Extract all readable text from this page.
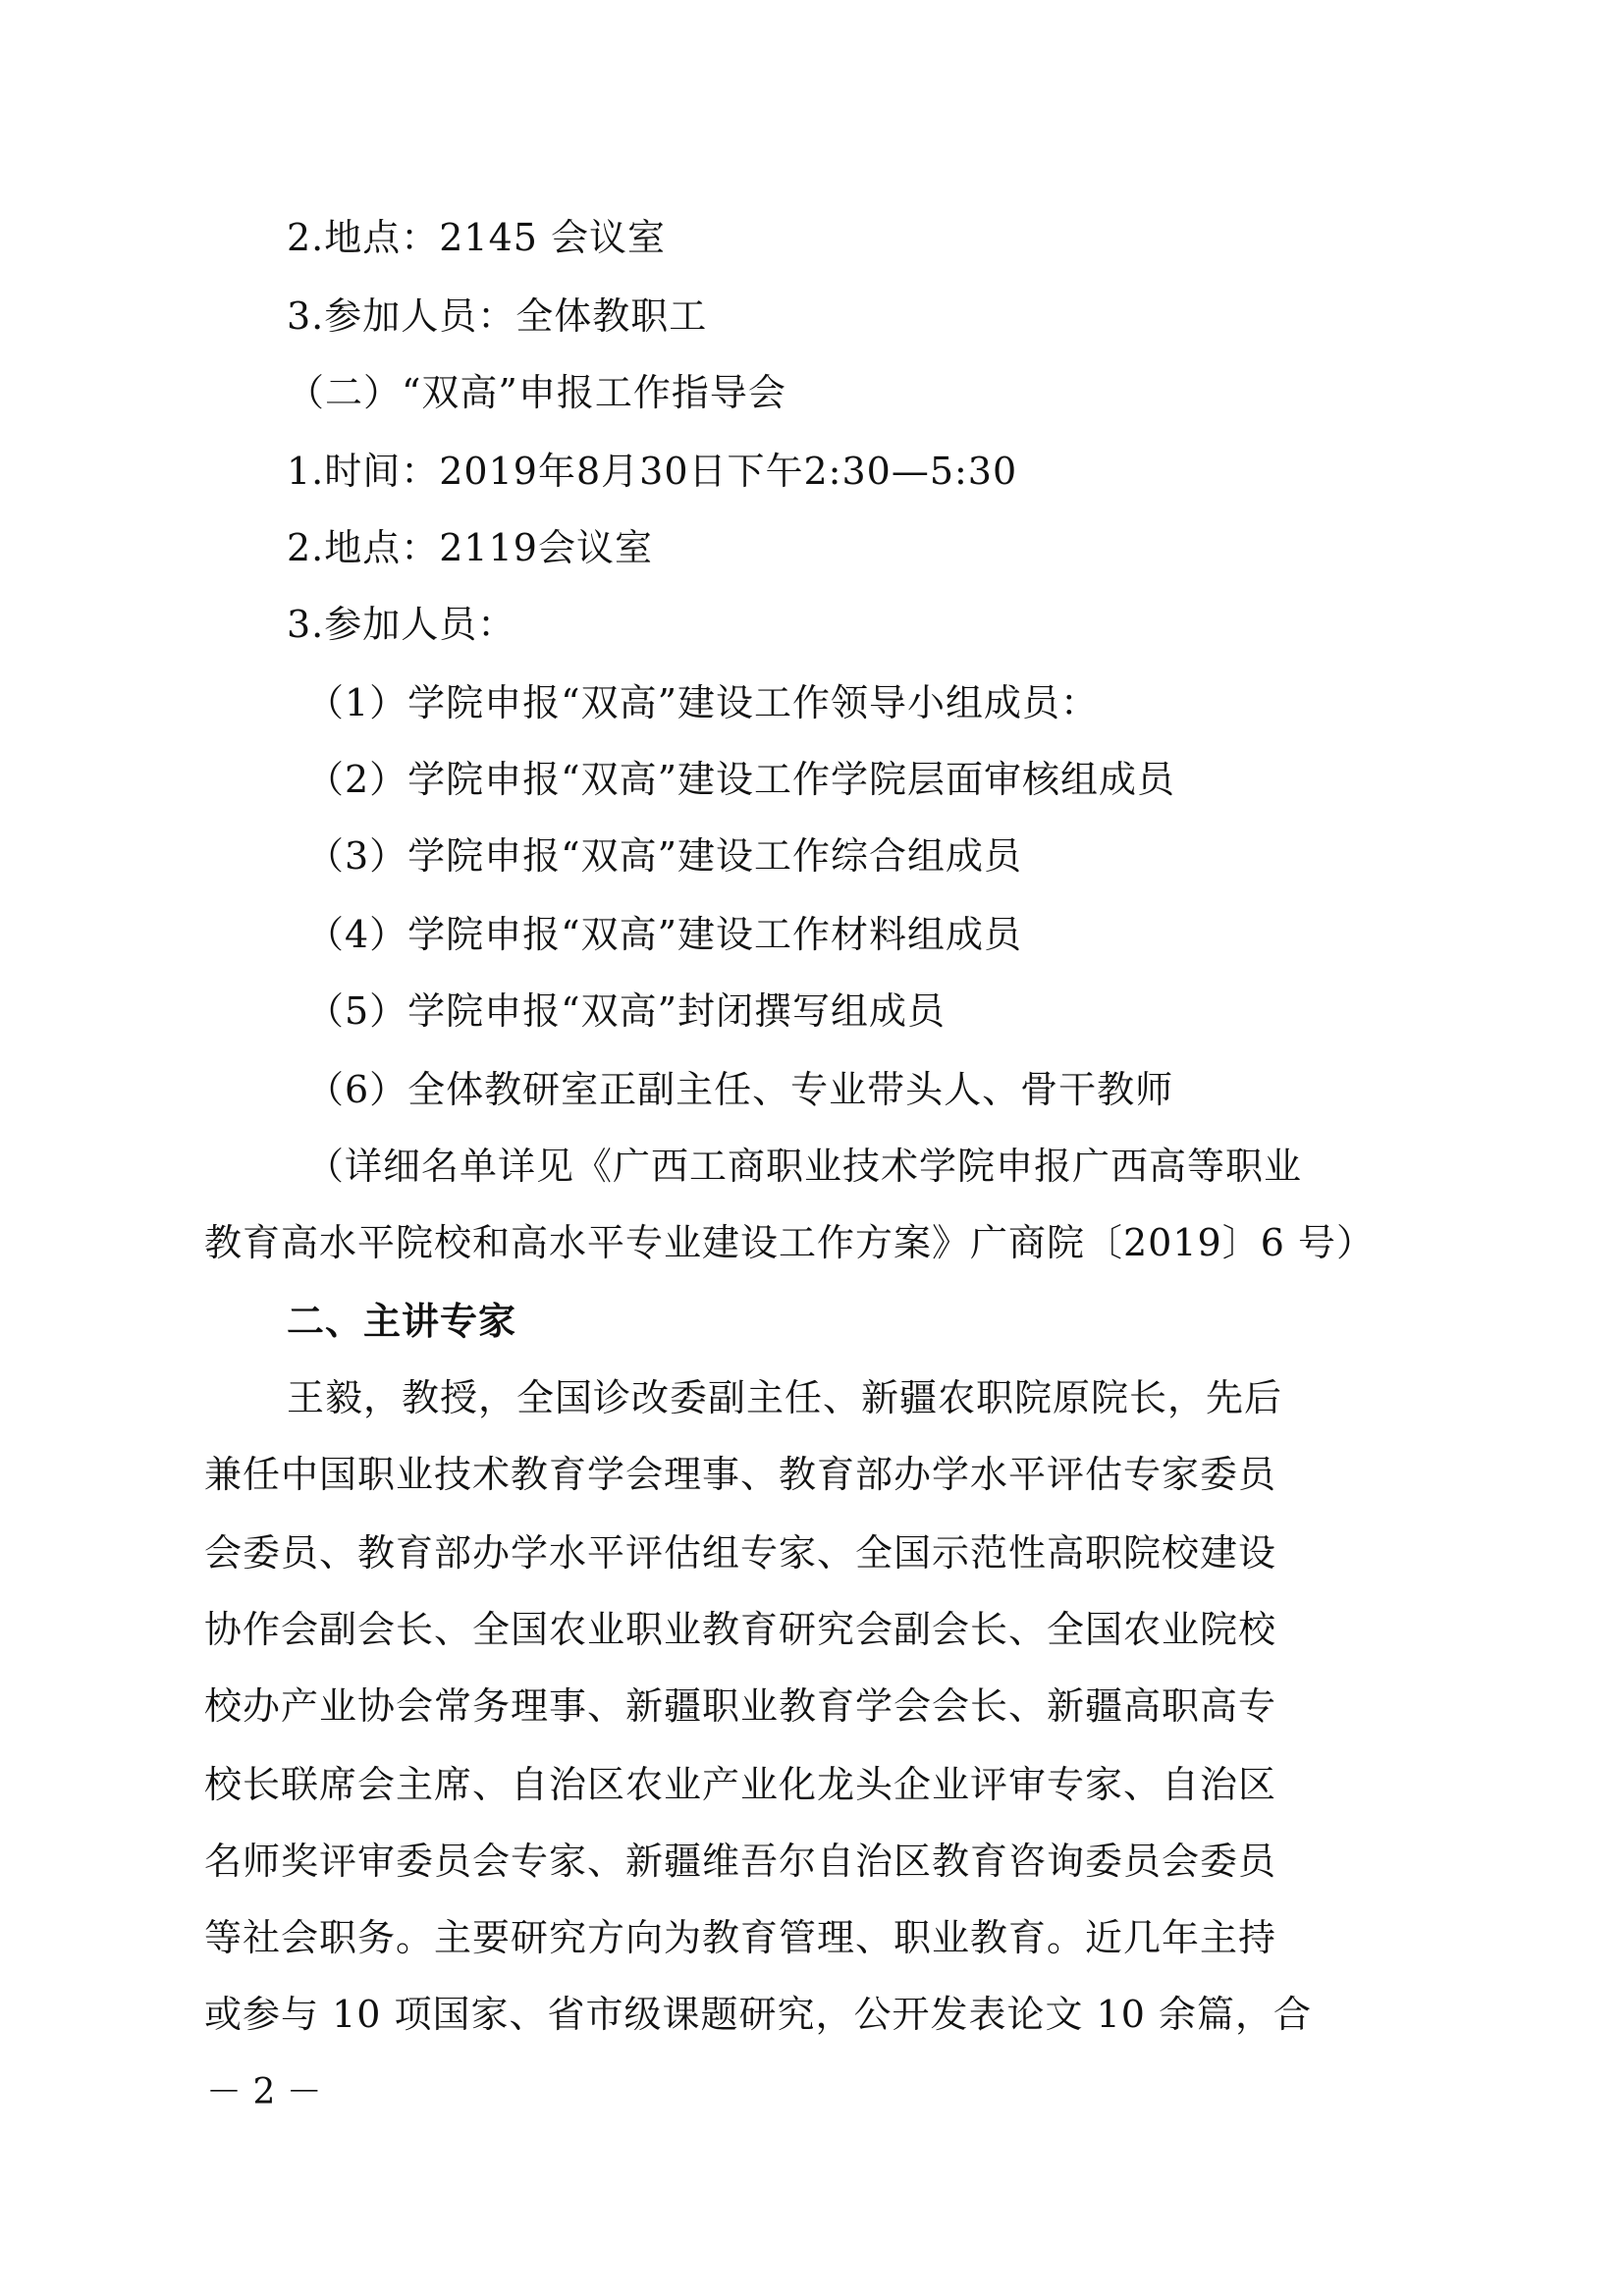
2.地点：2145 会议室
3.参加人员：全体教职工
（二）“双高”申报工作指导会
1.时间：2019年8月30日下午2:30—5:30
2.地点：2119会议室
3.参加人员：
（1）学院申报“双高”建设工作领导小组成员：
（2）学院申报“双高”建设工作学院层面审核组成员
（3）学院申报“双高”建设工作综合组成员
（4）学院申报“双高”建设工作材料组成员
（5）学院申报“双高”封闭撰写组成员
（6）全体教研室正副主任、专业带头人、骨干教师
（详细名单详见《广西工商职业技术学院申报广西高等职业
教育高水平院校和高水平专业建设工作方案》广商院〔2019〕6 号）
二、主讲专家
王毅，教授，全国诊改委副主任、新疆农职院原院长，先后
兼任中国职业技术教育学会理事、教育部办学水平评估专家委员
会委员、教育部办学水平评估组专家、全国示范性高职院校建设
协作会副会长、全国农业职业教育研究会副会长、全国农业院校
校办产业协会常务理事、新疆职业教育学会会长、新疆高职高专
校长联席会主席、自治区农业产业化龙头企业评审专家、自治区
名师奖评审委员会专家、新疆维吾尔自治区教育咨询委员会委员
等社会职务。主要研究方向为教育管理、职业教育。近几年主持
或参与 10 项国家、省市级课题研究，公开发表论文 10 余篇，合
－ 2 －
